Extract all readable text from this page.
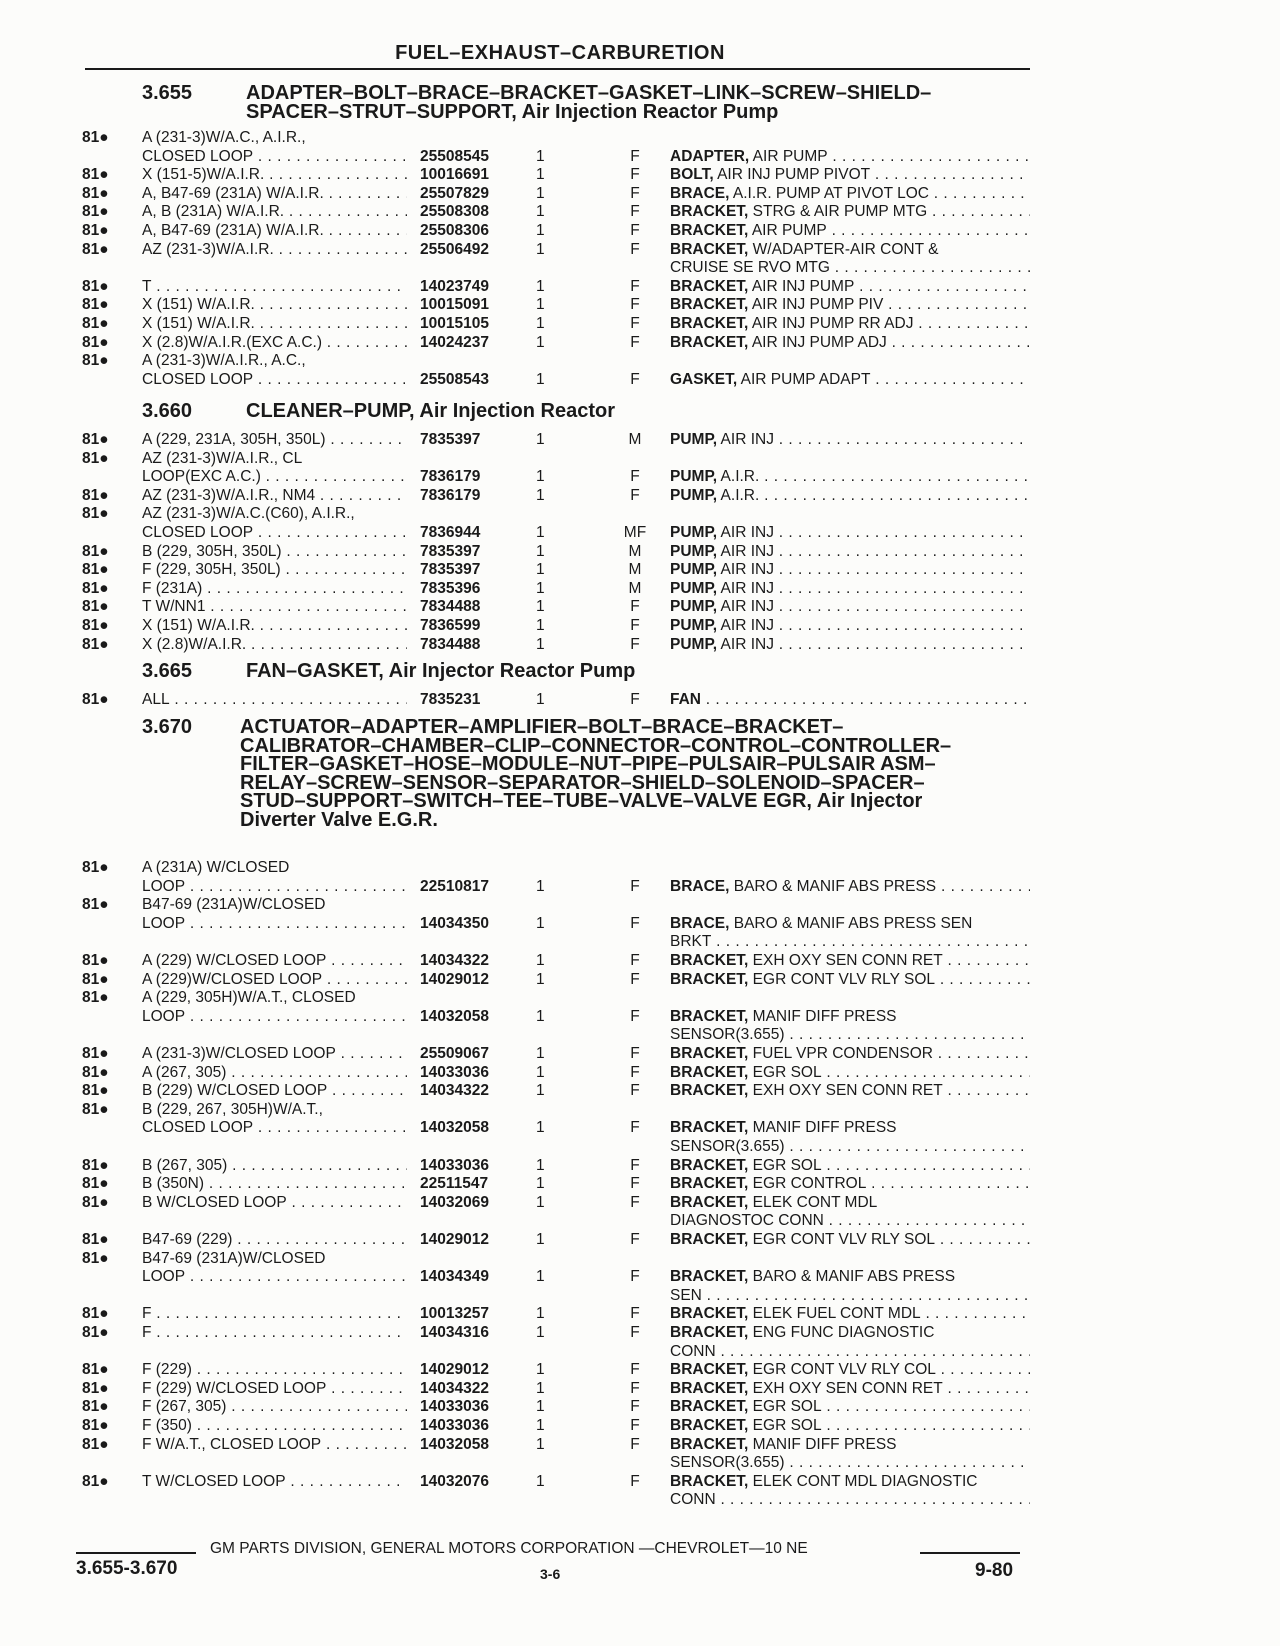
FUEL–EXHAUST–CARBURETION
3.655	ADAPTER–BOLT–BRACE–BRACKET–GASKET–LINK–SCREW–SHIELD–
SPACER–STRUT–SUPPORT, Air Injection Reactor Pump
81● A (231-3)W/A.C., A.I.R.,
CLOSED LOOP . . .	25508545	1	F	ADAPTER, AIR PUMP . . .
81● X (151-5)W/A.I.R. . . .	10016691	1	F	BOLT, AIR INJ PUMP PIVOT . . .
81● A, B47-69 (231A) W/A.I.R. . . .	25507829	1	F	BRACE, A.I.R. PUMP AT PIVOT LOC . . .
81● A, B (231A) W/A.I.R. . . .	25508308	1	F	BRACKET, STRG & AIR PUMP MTG . . .
81● A, B47-69 (231A) W/A.I.R. . . .	25508306	1	F	BRACKET, AIR PUMP . . .
81● AZ (231-3)W/A.I.R. . . .	25506492	1	F	BRACKET, W/ADAPTER-AIR CONT &
CRUISE SE RVO MTG . . .
81● T . . .	14023749	1	F	BRACKET, AIR INJ PUMP . . .
81● X (151) W/A.I.R. . . .	10015091	1	F	BRACKET, AIR INJ PUMP PIV . . .
81● X (151) W/A.I.R. . . .	10015105	1	F	BRACKET, AIR INJ PUMP RR ADJ . . .
81● X (2.8)W/A.I.R.(EXC A.C.) . . .	14024237	1	F	BRACKET, AIR INJ PUMP ADJ . . .
81● A (231-3)W/A.I.R., A.C.,
CLOSED LOOP . . .	25508543	1	F	GASKET, AIR PUMP ADAPT . . .
3.660	CLEANER–PUMP, Air Injection Reactor
81● A (229, 231A, 305H, 350L) . . .	7835397	1	M	PUMP, AIR INJ . . .
81● AZ (231-3)W/A.I.R., CL
LOOP(EXC A.C.) . . .	7836179	1	F	PUMP, A.I.R. . . .
81● AZ (231-3)W/A.I.R., NM4 . . .	7836179	1	F	PUMP, A.I.R. . . .
81● AZ (231-3)W/A.C.(C60), A.I.R.,
CLOSED LOOP . . .	7836944	1	MF	PUMP, AIR INJ . . .
81● B (229, 305H, 350L) . . .	7835397	1	M	PUMP, AIR INJ . . .
81● F (229, 305H, 350L) . . .	7835397	1	M	PUMP, AIR INJ . . .
81● F (231A) . . .	7835396	1	M	PUMP, AIR INJ . . .
81● T W/NN1 . . .	7834488	1	F	PUMP, AIR INJ . . .
81● X (151) W/A.I.R. . . .	7836599	1	F	PUMP, AIR INJ . . .
81● X (2.8)W/A.I.R. . . .	7834488	1	F	PUMP, AIR INJ . . .
3.665	FAN–GASKET, Air Injector Reactor Pump
81● ALL . . .	7835231	1	F	FAN . . .
3.670 ACTUATOR–ADAPTER–AMPLIFIER–BOLT–BRACE–BRACKET–
CALIBRATOR–CHAMBER–CLIP–CONNECTOR–CONTROL–CONTROLLER–
FILTER–GASKET–HOSE–MODULE–NUT–PIPE–PULSAIR–PULSAIR ASM–
RELAY–SCREW–SENSOR–SEPARATOR–SHIELD–SOLENOID–SPACER–
STUD–SUPPORT–SWITCH–TEE–TUBE–VALVE–VALVE EGR, Air Injector
Diverter Valve E.G.R.
81● A (231A) W/CLOSED
LOOP . . .	22510817	1	F	BRACE, BARO & MANIF ABS PRESS . . .
81● B47-69 (231A)W/CLOSED
LOOP . . .	14034350	1	F	BRACE, BARO & MANIF ABS PRESS SEN
BRKT . . .
81● A (229) W/CLOSED LOOP . . .	14034322	1	F	BRACKET, EXH OXY SEN CONN RET . . .
81● A (229)W/CLOSED LOOP . . .	14029012	1	F	BRACKET, EGR CONT VLV RLY SOL . . .
81● A (229, 305H)W/A.T., CLOSED
LOOP . . .	14032058	1	F	BRACKET, MANIF DIFF PRESS
SENSOR(3.655) . . .
81● A (231-3)W/CLOSED LOOP . . .	25509067	1	F	BRACKET, FUEL VPR CONDENSOR . . .
81● A (267, 305) . . .	14033036	1	F	BRACKET, EGR SOL . . .
81● B (229) W/CLOSED LOOP . . .	14034322	1	F	BRACKET, EXH OXY SEN CONN RET . . .
81● B (229, 267, 305H)W/A.T.,
CLOSED LOOP . . .	14032058	1	F	BRACKET, MANIF DIFF PRESS
SENSOR(3.655) . . .
81● B (267, 305) . . .	14033036	1	F	BRACKET, EGR SOL . . .
81● B (350N) . . .	22511547	1	F	BRACKET, EGR CONTROL . . .
81● B W/CLOSED LOOP . . .	14032069	1	F	BRACKET, ELEK CONT MDL
DIAGNOSTOC CONN . . .
81● B47-69 (229) . . .	14029012	1	F	BRACKET, EGR CONT VLV RLY SOL . . .
81● B47-69 (231A)W/CLOSED
LOOP . . .	14034349	1	F	BRACKET, BARO & MANIF ABS PRESS
SEN . . .
81● F . . .	10013257	1	F	BRACKET, ELEK FUEL CONT MDL . . .
81● F . . .	14034316	1	F	BRACKET, ENG FUNC DIAGNOSTIC
CONN . . .
81● F (229) . . .	14029012	1	F	BRACKET, EGR CONT VLV RLY COL . . .
81● F (229) W/CLOSED LOOP . . .	14034322	1	F	BRACKET, EXH OXY SEN CONN RET . . .
81● F (267, 305) . . .	14033036	1	F	BRACKET, EGR SOL . . .
81● F (350) . . .	14033036	1	F	BRACKET, EGR SOL . . .
81● F W/A.T., CLOSED LOOP . . .	14032058	1	F	BRACKET, MANIF DIFF PRESS
SENSOR(3.655) . . .
81● T W/CLOSED LOOP . . .	14032076	1	F	BRACKET, ELEK CONT MDL DIAGNOSTIC
CONN . . .
GM PARTS DIVISION, GENERAL MOTORS CORPORATION —CHEVROLET—10 NE
3.655-3.670	3-6	9-80
